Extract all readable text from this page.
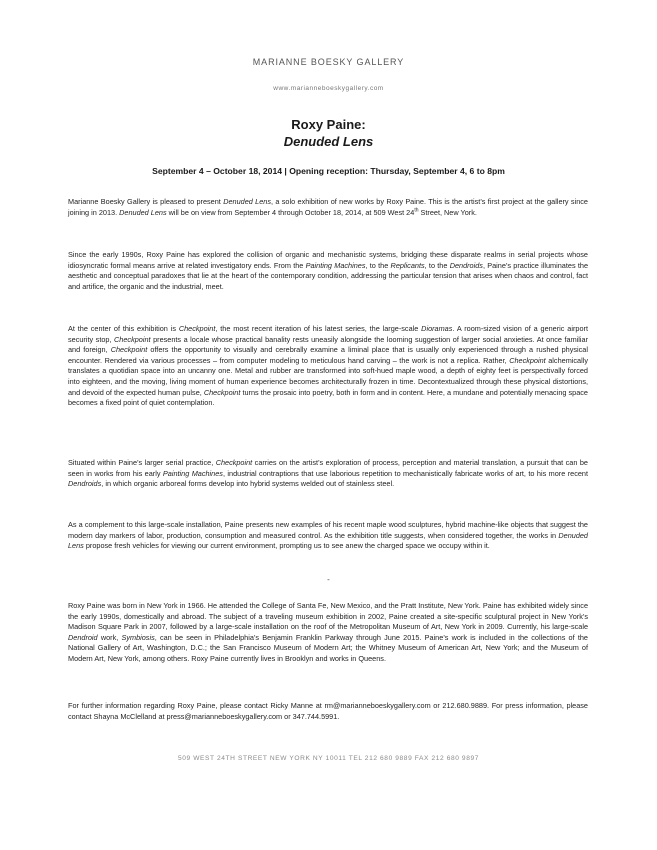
MARIANNE BOESKY GALLERY
www.marianneboeskygallery.com
Roxy Paine:
Denuded Lens
September 4 – October 18, 2014 | Opening reception: Thursday, September 4, 6 to 8pm

Marianne Boesky Gallery is pleased to present Denuded Lens, a solo exhibition of new works by Roxy Paine. This is the artist’s first project at the gallery since joining in 2013. Denuded Lens will be on view from September 4 through October 18, 2014, at 509 West 24th Street, New York.

Since the early 1990s, Roxy Paine has explored the collision of organic and mechanistic systems, bridging these disparate realms in serial projects whose idiosyncratic formal means arrive at related investigatory ends. From the Painting Machines, to the Replicants, to the Dendroids, Paine’s practice illuminates the aesthetic and conceptual paradoxes that lie at the heart of the contemporary condition, addressing the particular tension that arises when chaos and control, fact and artifice, the organic and the industrial, meet.

At the center of this exhibition is Checkpoint, the most recent iteration of his latest series, the large-scale Dioramas. A room-sized vision of a generic airport security stop, Checkpoint presents a locale whose practical banality rests uneasily alongside the looming suggestion of larger social anxieties. At once familiar and foreign, Checkpoint offers the opportunity to visually and cerebrally examine a liminal place that is usually only experienced through a rushed physical encounter. Rendered via various processes – from computer modeling to meticulous hand carving – the work is not a replica. Rather, Checkpoint alchemically translates a quotidian space into an uncanny one. Metal and rubber are transformed into soft-hued maple wood, a depth of eighty feet is perspectivally forced into eighteen, and the moving, living moment of human experience becomes architecturally frozen in time. Decontextualized through these physical distortions, and devoid of the expected human pulse, Checkpoint turns the prosaic into poetry, both in form and in content. Here, a mundane and potentially menacing space becomes a fixed point of quiet contemplation.

Situated within Paine’s larger serial practice, Checkpoint carries on the artist’s exploration of process, perception and material translation, a pursuit that can be seen in works from his early Painting Machines, industrial contraptions that use laborious repetition to mechanistically fabricate works of art, to his more recent Dendroids, in which organic arboreal forms develop into hybrid systems welded out of stainless steel.

As a complement to this large-scale installation, Paine presents new examples of his recent maple wood sculptures, hybrid machine-like objects that suggest the modern day markers of labor, production, consumption and measured control. As the exhibition title suggests, when considered together, the works in Denuded Lens propose fresh vehicles for viewing our current environment, prompting us to see anew the charged space we occupy within it.

-

Roxy Paine was born in New York in 1966. He attended the College of Santa Fe, New Mexico, and the Pratt Institute, New York. Paine has exhibited widely since the early 1990s, domestically and abroad. The subject of a traveling museum exhibition in 2002, Paine created a site-specific sculptural project in New York’s Madison Square Park in 2007, followed by a large-scale installation on the roof of the Metropolitan Museum of Art, New York in 2009. Currently, his large-scale Dendroid work, Symbiosis, can be seen in Philadelphia’s Benjamin Franklin Parkway through June 2015. Paine’s work is included in the collections of the National Gallery of Art, Washington, D.C.; the San Francisco Museum of Modern Art; the Whitney Museum of American Art, New York; and the Museum of Modern Art, New York, among others. Roxy Paine currently lives in Brooklyn and works in Queens.

For further information regarding Roxy Paine, please contact Ricky Manne at rm@marianneboeskygallery.com or 212.680.9889. For press information, please contact Shayna McClelland at press@marianneboeskygallery.com or 347.744.5991.

509 WEST 24TH STREET NEW YORK NY 10011 TEL 212 680 9889 FAX 212 680 9897
